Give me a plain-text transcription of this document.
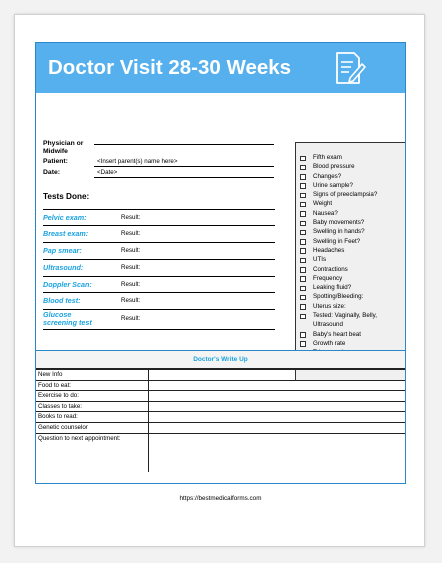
Doctor Visit 28-30 Weeks
Physician or
Midwife
Patient:	<Insert parent(s) name here>
Date:	<Date>
Tests Done:
Pelvic exam:	Result:
Breast exam:	Result:
Pap smear:	Result:
Ultrasound:	Result:
Doppler Scan:	Result:
Blood test:	Result:
Glucose
screening test	Result:
Fifth exam
Blood pressure
Changes?
Urine sample?
Signs of preeclampsia?
Weight
Nausea?
Baby movements?
Swelling in hands?
Swelling in Feet?
Headaches
UTIs
Contractions
Frequency
Leaking fluid?
Spotting/Bleeding:
Uterus size:
Tested: Vaginally, Belly, Ultrasound
Baby's heart beat
Growth rate
Doctor's Write Up
New Info	
Food to eat:	
Exercise to do:	
Classes to take:	
Books to read:	
Genetic counselor	
Question to next appointment:	
https://bestmedicalforms.com
